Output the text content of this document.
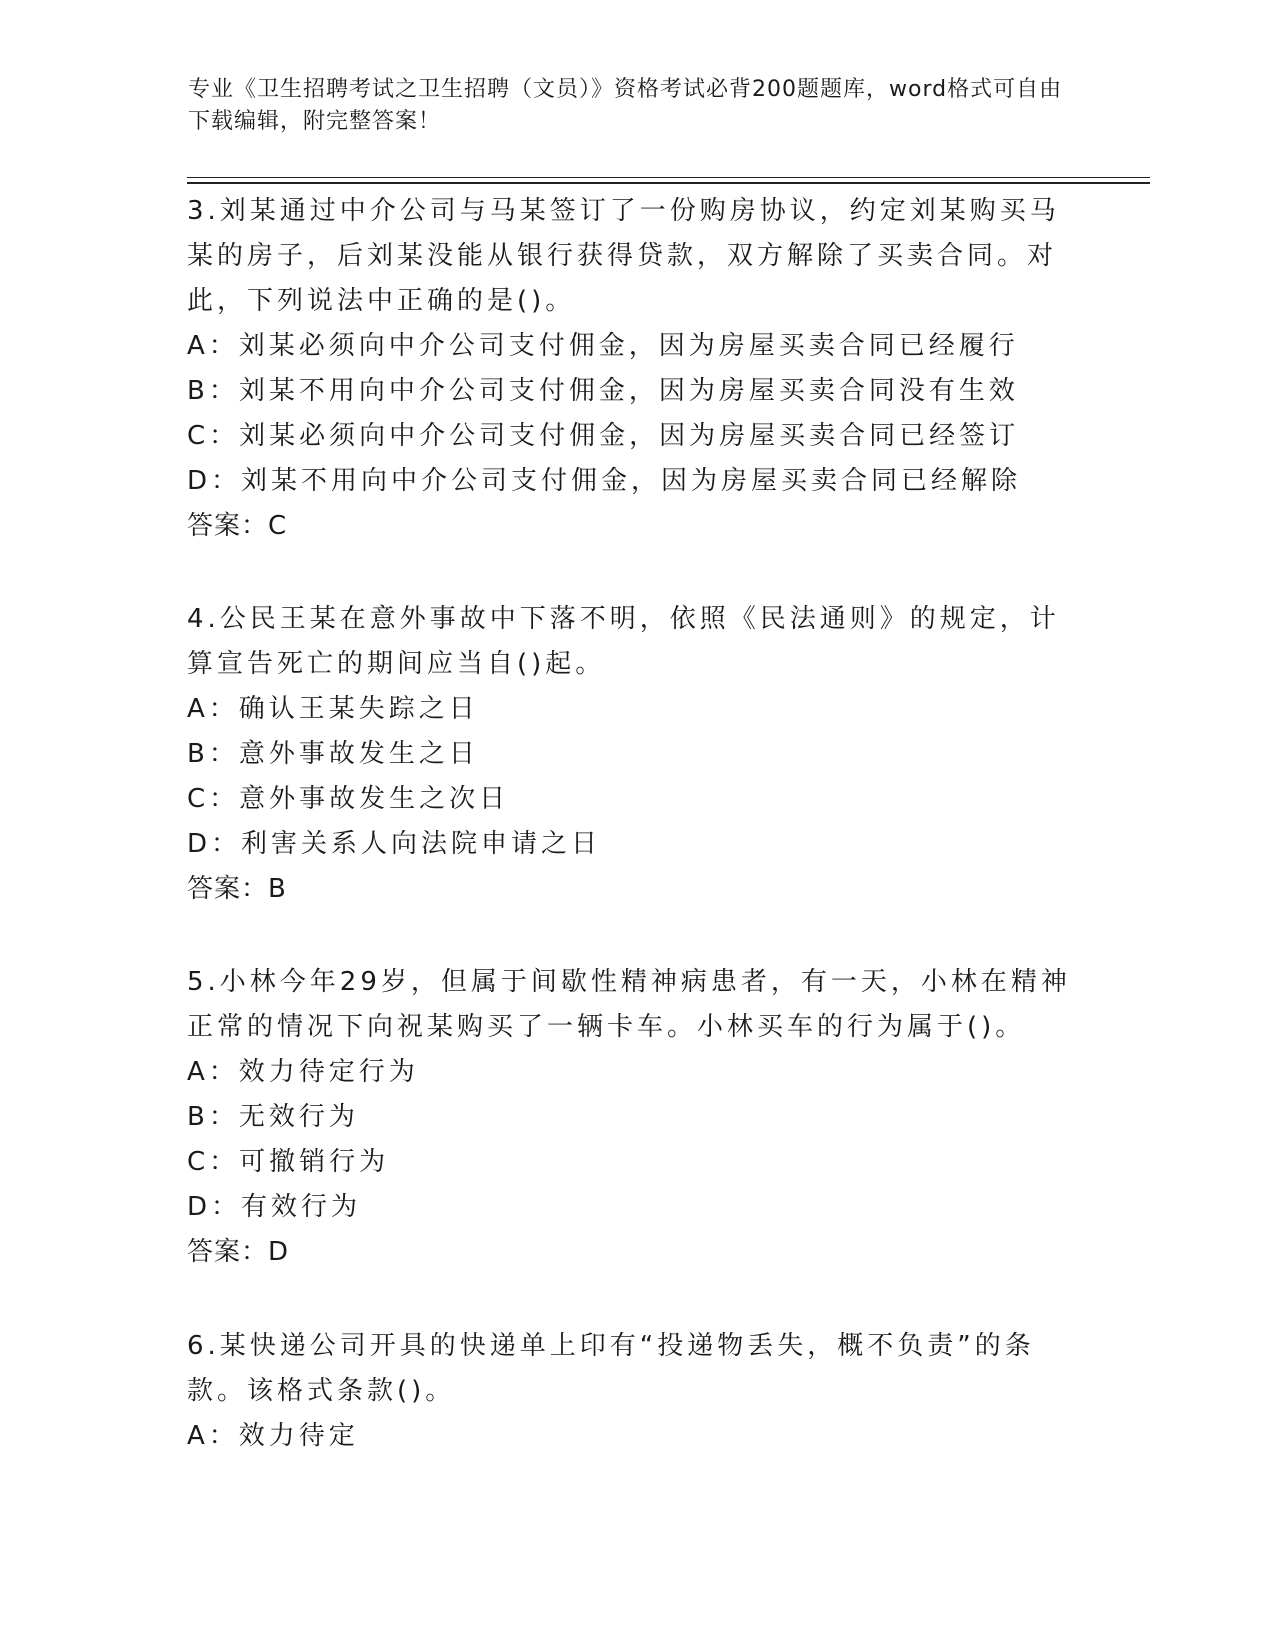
专业《卫生招聘考试之卫生招聘（文员）》资格考试必背200题题库，word格式可自由下载编辑，附完整答案！
3.刘某通过中介公司与马某签订了一份购房协议，约定刘某购买马某的房子，后刘某没能从银行获得贷款，双方解除了买卖合同。对此，下列说法中正确的是()。
A：刘某必须向中介公司支付佣金，因为房屋买卖合同已经履行
B：刘某不用向中介公司支付佣金，因为房屋买卖合同没有生效
C：刘某必须向中介公司支付佣金，因为房屋买卖合同已经签订
D：刘某不用向中介公司支付佣金，因为房屋买卖合同已经解除
答案：C
4.公民王某在意外事故中下落不明，依照《民法通则》的规定，计算宣告死亡的期间应当自()起。
A：确认王某失踪之日
B：意外事故发生之日
C：意外事故发生之次日
D：利害关系人向法院申请之日
答案：B
5.小林今年29岁，但属于间歇性精神病患者，有一天，小林在精神正常的情况下向祝某购买了一辆卡车。小林买车的行为属于()。
A：效力待定行为
B：无效行为
C：可撤销行为
D：有效行为
答案：D
6.某快递公司开具的快递单上印有“投递物丢失，概不负责”的条款。该格式条款()。
A：效力待定
